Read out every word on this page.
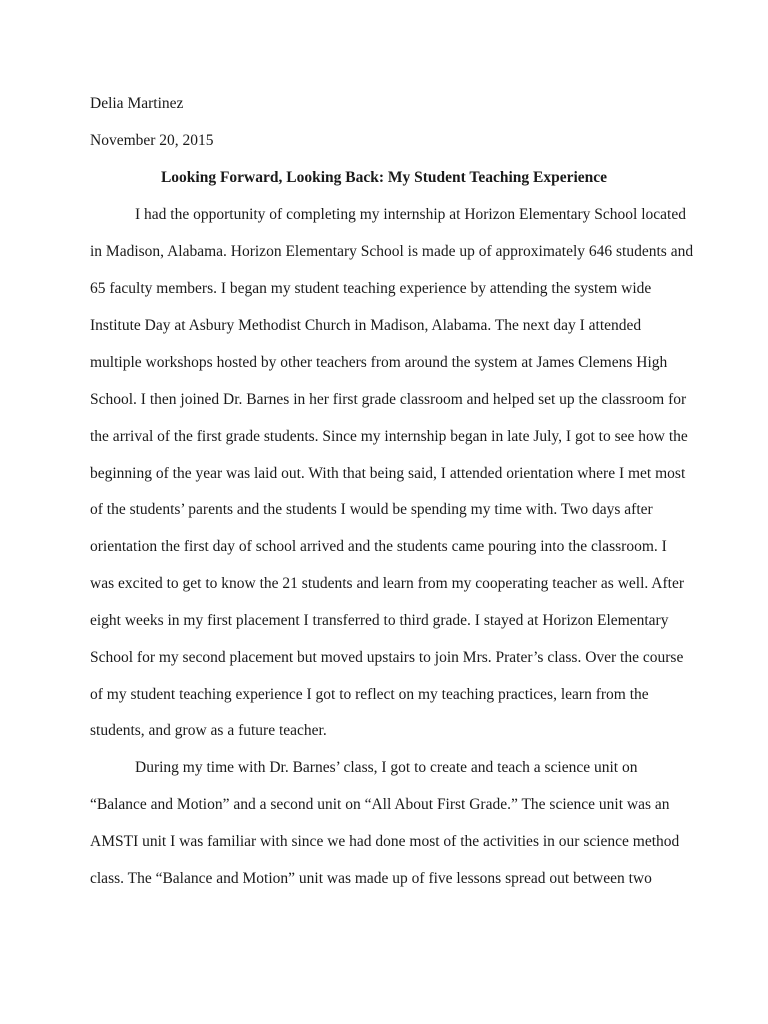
Delia Martinez
November 20, 2015
Looking Forward, Looking Back: My Student Teaching Experience
I had the opportunity of completing my internship at Horizon Elementary School located
in Madison, Alabama. Horizon Elementary School is made up of approximately 646 students and
65 faculty members. I began my student teaching experience by attending the system wide
Institute Day at Asbury Methodist Church in Madison, Alabama. The next day I attended
multiple workshops hosted by other teachers from around the system at James Clemens High
School. I then joined Dr. Barnes in her first grade classroom and helped set up the classroom for
the arrival of the first grade students. Since my internship began in late July, I got to see how the
beginning of the year was laid out. With that being said, I attended orientation where I met most
of the students’ parents and the students I would be spending my time with. Two days after
orientation the first day of school arrived and the students came pouring into the classroom. I
was excited to get to know the 21 students and learn from my cooperating teacher as well. After
eight weeks in my first placement I transferred to third grade. I stayed at Horizon Elementary
School for my second placement but moved upstairs to join Mrs. Prater’s class. Over the course
of my student teaching experience I got to reflect on my teaching practices, learn from the
students, and grow as a future teacher.
During my time with Dr. Barnes’ class, I got to create and teach a science unit on
“Balance and Motion” and a second unit on “All About First Grade.” The science unit was an
AMSTI unit I was familiar with since we had done most of the activities in our science method
class. The “Balance and Motion” unit was made up of five lessons spread out between two
